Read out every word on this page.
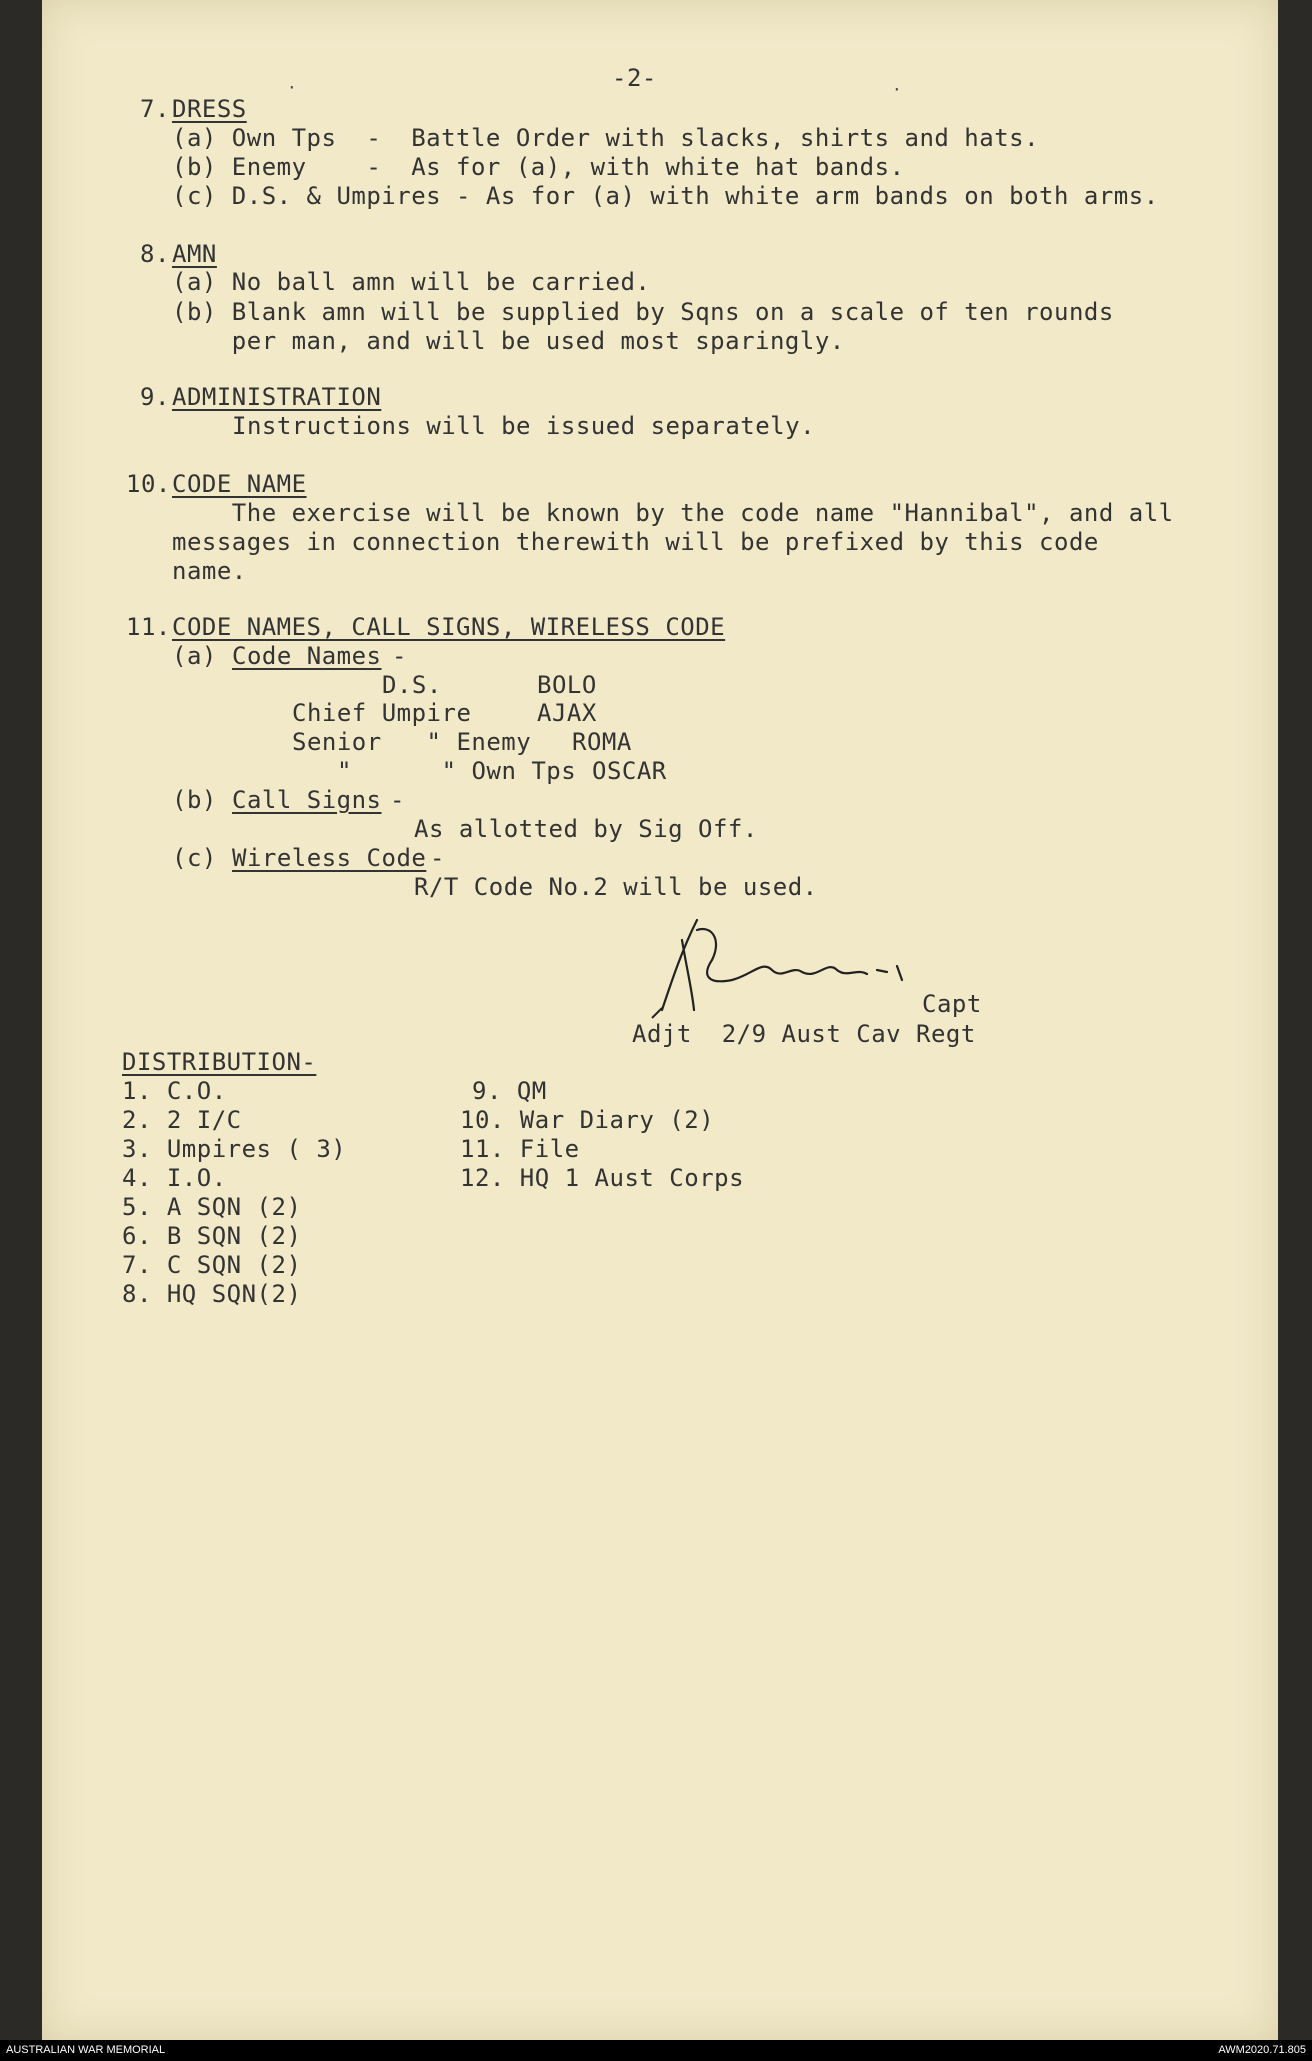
-2-
·	·
7. DRESS
(a) Own Tps  -  Battle Order with slacks, shirts and hats.
(b) Enemy    -  As for (a), with white hat bands.
(c) D.S. & Umpires - As for (a) with white arm bands on both arms.
8. AMN
(a) No ball amn will be carried.
(b) Blank amn will be supplied by Sqns on a scale of ten rounds
per man, and will be used most sparingly.
9. ADMINISTRATION
Instructions will be issued separately.
10. CODE NAME
The exercise will be known by the code name "Hannibal", and all
messages in connection therewith will be prefixed by this code
name.
11. CODE NAMES, CALL SIGNS, WIRELESS CODE
(a) Code Names -
D.S.	BOLO
Chief Umpire	AJAX
Senior   " Enemy ROMA
"      " Own Tps OSCAR
(b) Call Signs -
As allotted by Sig Off.
(c) Wireless Code -
R/T Code No.2 will be used.
Capt
Adjt  2/9 Aust Cav Regt
DISTRIBUTION-
1. C.O.
2. 2 I/C
3. Umpires ( 3)
4. I.O.
5. A SQN (2)
6. B SQN (2)
7. C SQN (2)
8. HQ SQN(2)
9. QM
10. War Diary (2)
11. File
12. HQ 1 Aust Corps
AUSTRALIAN WAR MEMORIAL	AWM2020.71.805
